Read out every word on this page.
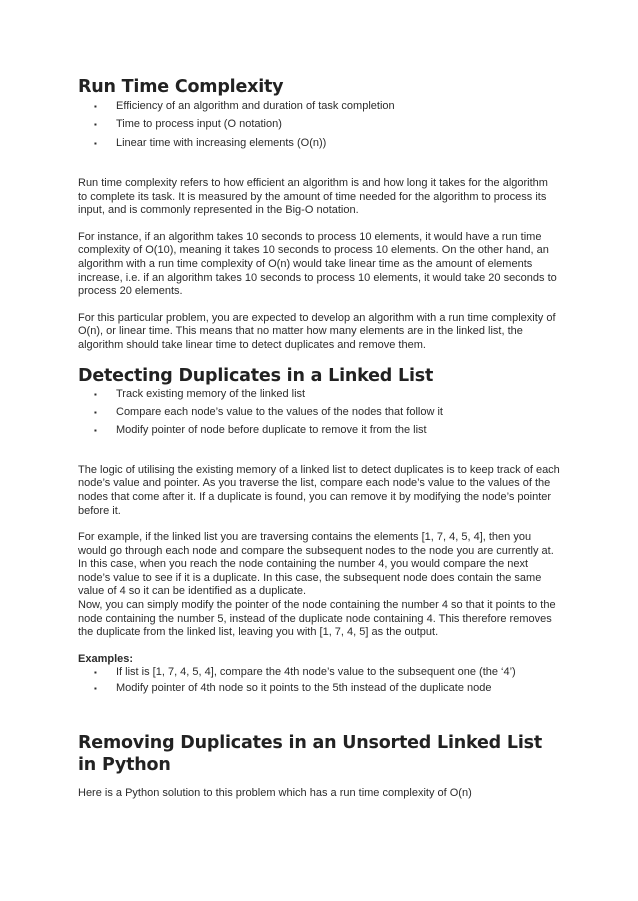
Run Time Complexity
▪ Efficiency of an algorithm and duration of task completion
▪ Time to process input (O notation)
▪ Linear time with increasing elements (O(n))

Run time complexity refers to how efficient an algorithm is and how long it takes for the algorithm to complete its task. It is measured by the amount of time needed for the algorithm to process its input, and is commonly represented in the Big-O notation.

For instance, if an algorithm takes 10 seconds to process 10 elements, it would have a run time complexity of O(10), meaning it takes 10 seconds to process 10 elements. On the other hand, an algorithm with a run time complexity of O(n) would take linear time as the amount of elements increase, i.e. if an algorithm takes 10 seconds to process 10 elements, it would take 20 seconds to process 20 elements.

For this particular problem, you are expected to develop an algorithm with a run time complexity of O(n), or linear time. This means that no matter how many elements are in the linked list, the algorithm should take linear time to detect duplicates and remove them.

Detecting Duplicates in a Linked List
▪ Track existing memory of the linked list
▪ Compare each node’s value to the values of the nodes that follow it
▪ Modify pointer of node before duplicate to remove it from the list

The logic of utilising the existing memory of a linked list to detect duplicates is to keep track of each node’s value and pointer. As you traverse the list, compare each node’s value to the values of the nodes that come after it. If a duplicate is found, you can remove it by modifying the node’s pointer before it.

For example, if the linked list you are traversing contains the elements [1, 7, 4, 5, 4], then you would go through each node and compare the subsequent nodes to the node you are currently at. In this case, when you reach the node containing the number 4, you would compare the next node’s value to see if it is a duplicate. In this case, the subsequent node does contain the same value of 4 so it can be identified as a duplicate.

Now, you can simply modify the pointer of the node containing the number 4 so that it points to the node containing the number 5, instead of the duplicate node containing 4. This therefore removes the duplicate from the linked list, leaving you with [1, 7, 4, 5] as the output.

Examples:
▪ If list is [1, 7, 4, 5, 4], compare the 4th node’s value to the subsequent one (the ‘4’)
▪ Modify pointer of 4th node so it points to the 5th instead of the duplicate node
Removing Duplicates in an Unsorted Linked List in Python

Here is a Python solution to this problem which has a run time complexity of O(n)
